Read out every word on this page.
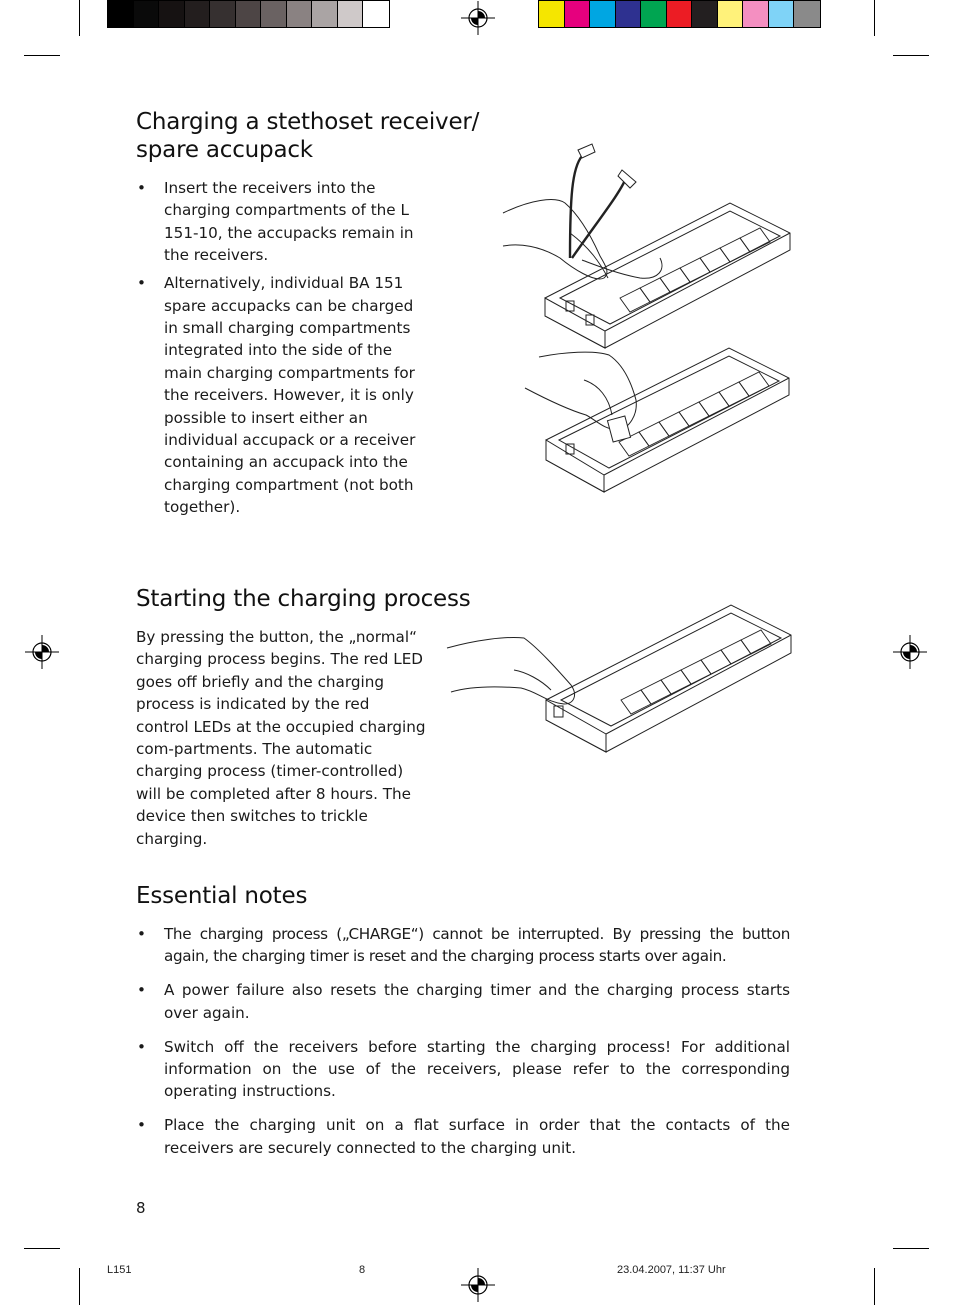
Charging a stethoset receiver/
spare accupack
• Insert the receivers into the charging compartments of the L 151-10, the accupacks remain in the receivers.
• Alternatively, individual BA 151 spare accupacks can be charged in small charging compartments integrated into the side of the main charging compartments for the receivers. However, it is only possible to insert either an individual accupack or a receiver containing an accupack into the charging compartment (not both together).
Starting the charging process

By pressing the button, the „normal“ charging process begins. The red LED goes off briefly and the charging process is indicated by the red control LEDs at the occupied charging com-partments. The automatic charging process (timer-controlled) will be completed after 8 hours. The device then switches to trickle charging.

Essential notes
• The charging process („CHARGE“) cannot be interrupted. By pressing the button again, the charging timer is reset and the charging process starts over again.
• A power failure also resets the charging timer and the charging process starts over again.
• Switch off the receivers before starting the charging process! For additional information on the use of the receivers, please refer to the corresponding operating instructions.
• Place the charging unit on a flat surface in order that the contacts of the receivers are securely connected to the charging unit.
8
L151	8	23.04.2007, 11:37 Uhr
